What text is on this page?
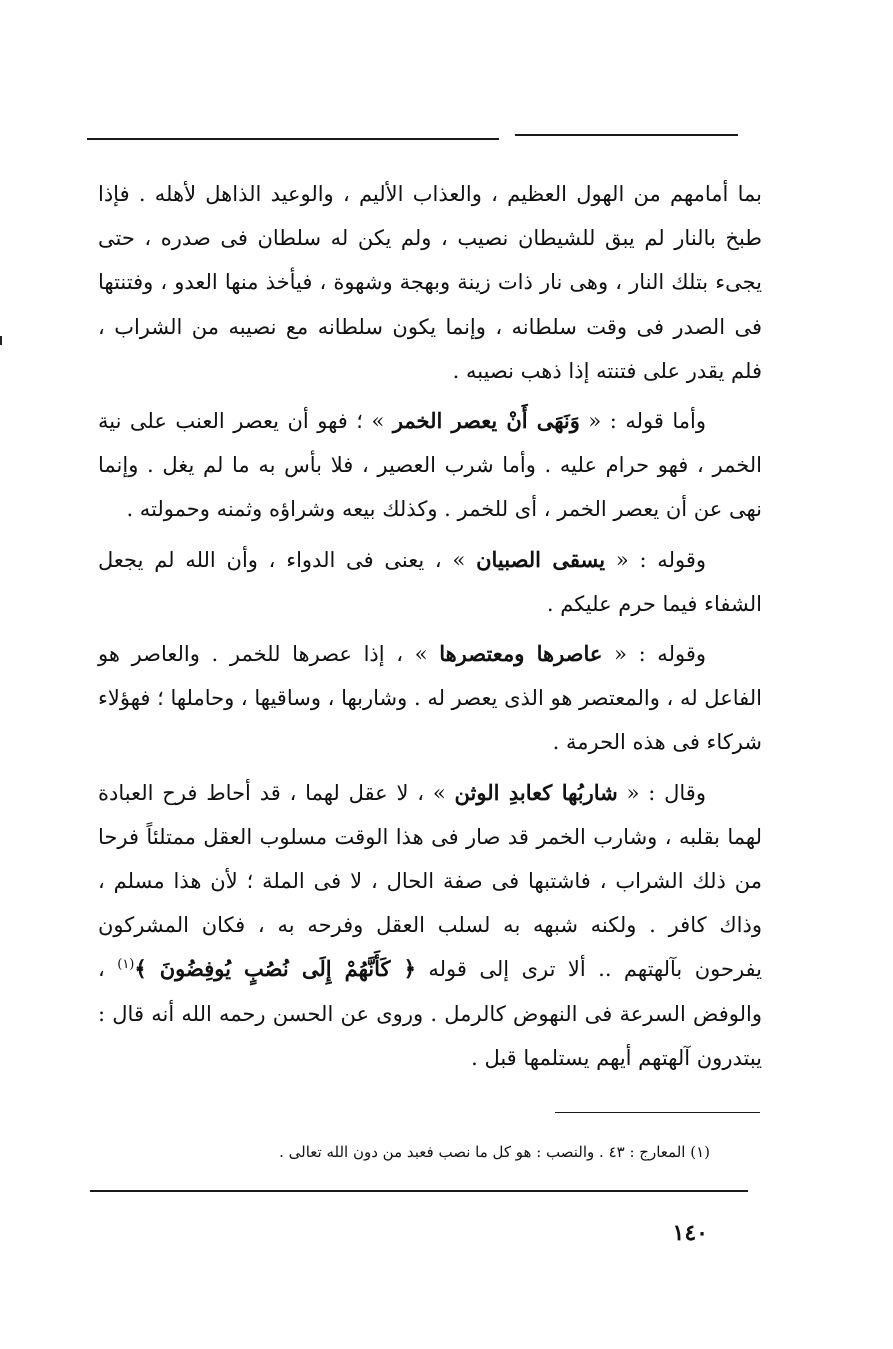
بما أمامهم من الهول العظيم ، والعذاب الأليم ، والوعيد الذاهل لأهله . فإذا طبخ بالنار لم يبق للشيطان نصيب ، ولم يكن له سلطان فى صدره ، حتى يجىء بتلك النار ، وهى نار ذات زينة وبهجة وشهوة ، فيأخذ منها العدو ، وفتنتها فى الصدر فى وقت سلطانه ، وإنما يكون سلطانه مع نصيبه من الشراب ، فلم يقدر على فتنته إذا ذهب نصيبه .

وأما قوله : « وَنَهَى أَنْ يعصر الخمر » ؛ فهو أن يعصر العنب على نية الخمر ، فهو حرام عليه . وأما شرب العصير ، فلا بأس به ما لم يغل . وإنما نهى عن أن يعصر الخمر ، أى للخمر . وكذلك بيعه وشراؤه وثمنه وحمولته .

وقوله : « يسقى الصبيان » ، يعنى فى الدواء ، وأن الله لم يجعل الشفاء فيما حرم عليكم .

وقوله : « عاصرها ومعتصرها » ، إذا عصرها للخمر . والعاصر هو الفاعل له ، والمعتصر هو الذى يعصر له . وشاربها ، وساقيها ، وحاملها ؛ فهؤلاء شركاء فى هذه الحرمة .

وقال : « شاربُها كعابدِ الوثن » ، لا عقل لهما ، قد أحاط فرح العبادة لهما بقلبه ، وشارب الخمر قد صار فى هذا الوقت مسلوب العقل ممتلئاً فرحا من ذلك الشراب ، فاشتبها فى صفة الحال ، لا فى الملة ؛ لأن هذا مسلم ، وذاك كافر . ولكنه شبهه به لسلب العقل وفرحه به ، فكان المشركون يفرحون بآلهتهم .. ألا ترى إلى قوله ﴿ كَأَنَّهُمْ إِلَى نُصُبٍ يُوفِضُونَ ﴾$^{(١)}$ ، والوفض السرعة فى النهوض كالرمل . وروى عن الحسن رحمه الله أنه قال : يبتدرون آلهتهم أيهم يستلمها قبل .

(١) المعارج : ٤٣ . والنصب : هو كل ما نصب فعبد من دون الله تعالى .
١٤٠
